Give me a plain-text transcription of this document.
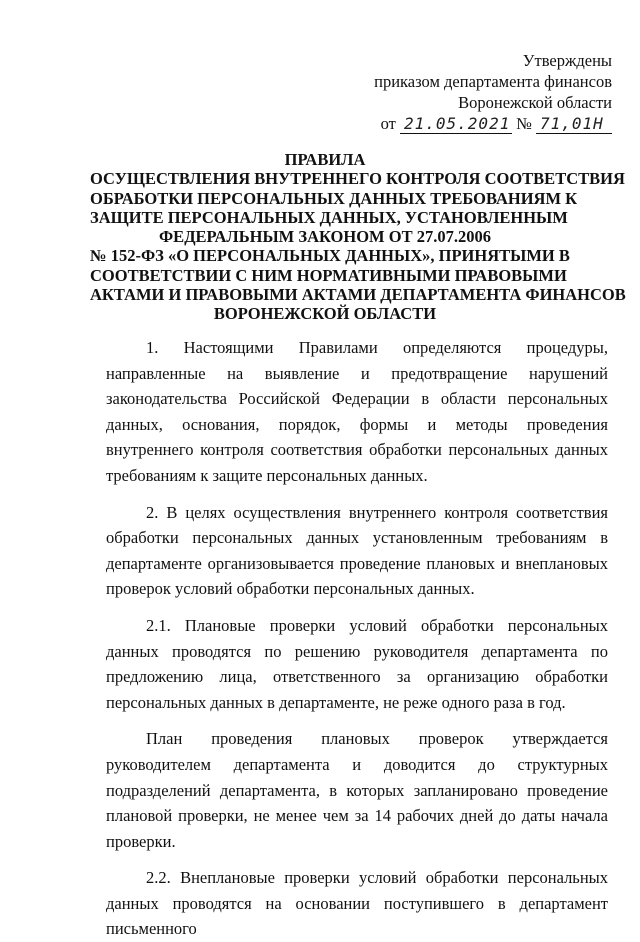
Утверждены
приказом департамента финансов
Воронежской области
от 21.05.2021 № 71,01Н
ПРАВИЛА
ОСУЩЕСТВЛЕНИЯ ВНУТРЕННЕГО КОНТРОЛЯ СООТВЕТСТВИЯ
ОБРАБОТКИ ПЕРСОНАЛЬНЫХ ДАННЫХ ТРЕБОВАНИЯМ К
ЗАЩИТЕ ПЕРСОНАЛЬНЫХ ДАННЫХ, УСТАНОВЛЕННЫМ
ФЕДЕРАЛЬНЫМ ЗАКОНОМ ОТ 27.07.2006
№ 152-ФЗ «О ПЕРСОНАЛЬНЫХ ДАННЫХ», ПРИНЯТЫМИ В
СООТВЕТСТВИИ С НИМ НОРМАТИВНЫМИ ПРАВОВЫМИ
АКТАМИ И ПРАВОВЫМИ АКТАМИ ДЕПАРТАМЕНТА ФИНАНСОВ
ВОРОНЕЖСКОЙ ОБЛАСТИ

1. Настоящими Правилами определяются процедуры, направленные на выявление и предотвращение нарушений законодательства Российской Федерации в области персональных данных, основания, порядок, формы и методы проведения внутреннего контроля соответствия обработки персональных данных требованиям к защите персональных данных.

2. В целях осуществления внутреннего контроля соответствия обработки персональных данных установленным требованиям в департаменте организовывается проведение плановых и внеплановых проверок условий обработки персональных данных.

2.1. Плановые проверки условий обработки персональных данных проводятся по решению руководителя департамента по предложению лица, ответственного за организацию обработки персональных данных в департаменте, не реже одного раза в год.

План проведения плановых проверок утверждается руководителем департамента и доводится до структурных подразделений департамента, в которых запланировано проведение плановой проверки, не менее чем за 14 рабочих дней до даты начала проверки.

2.2. Внеплановые проверки условий обработки персональных данных проводятся на основании поступившего в департамент письменного
